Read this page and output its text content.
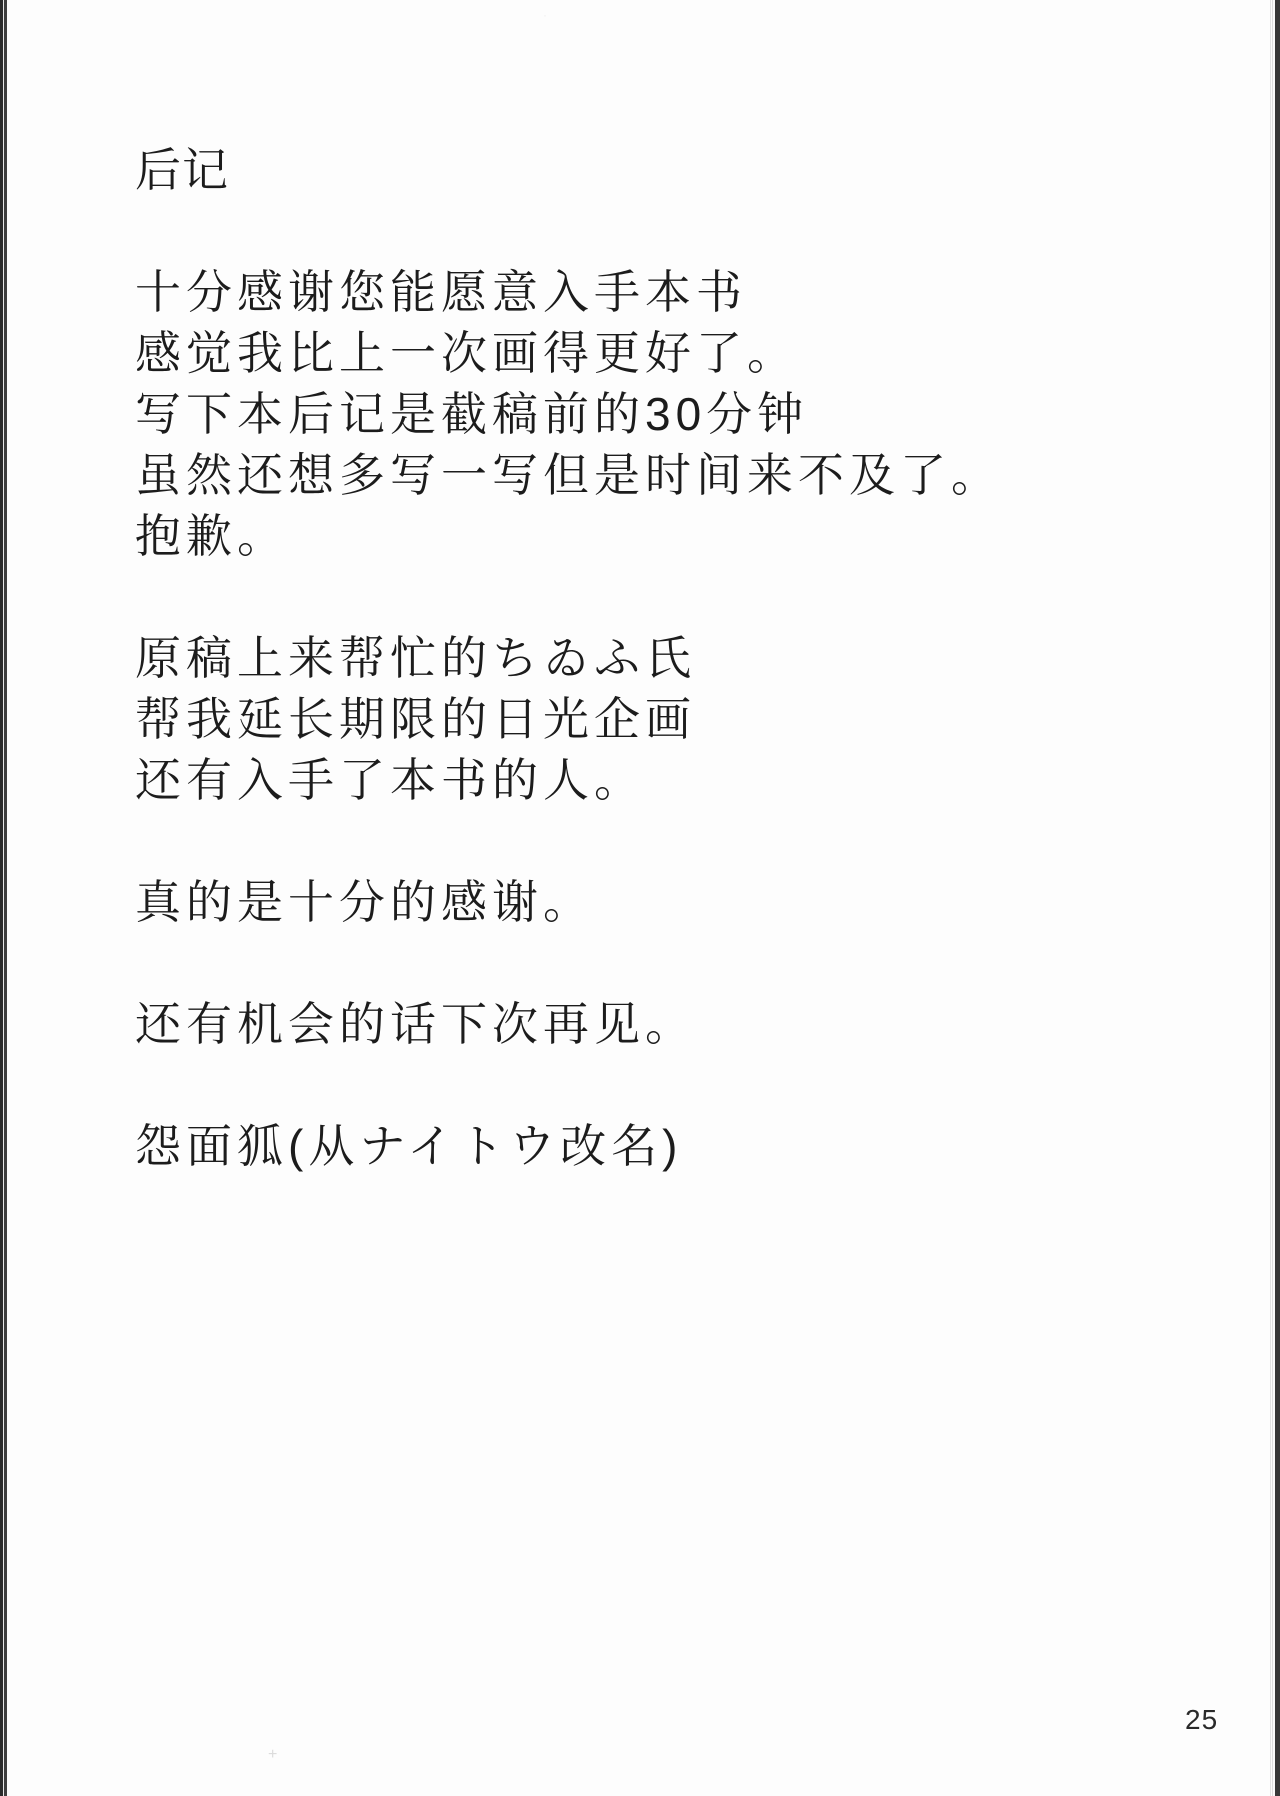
后记
十分感谢您能愿意入手本书
感觉我比上一次画得更好了。
写下本后记是截稿前的30分钟
虽然还想多写一写但是时间来不及了。
抱歉。
原稿上来帮忙的ちゐふ氏
帮我延长期限的日光企画
还有入手了本书的人。
真的是十分的感谢。
还有机会的话下次再见。
怨面狐(从ナイトウ改名)
25
+
·
